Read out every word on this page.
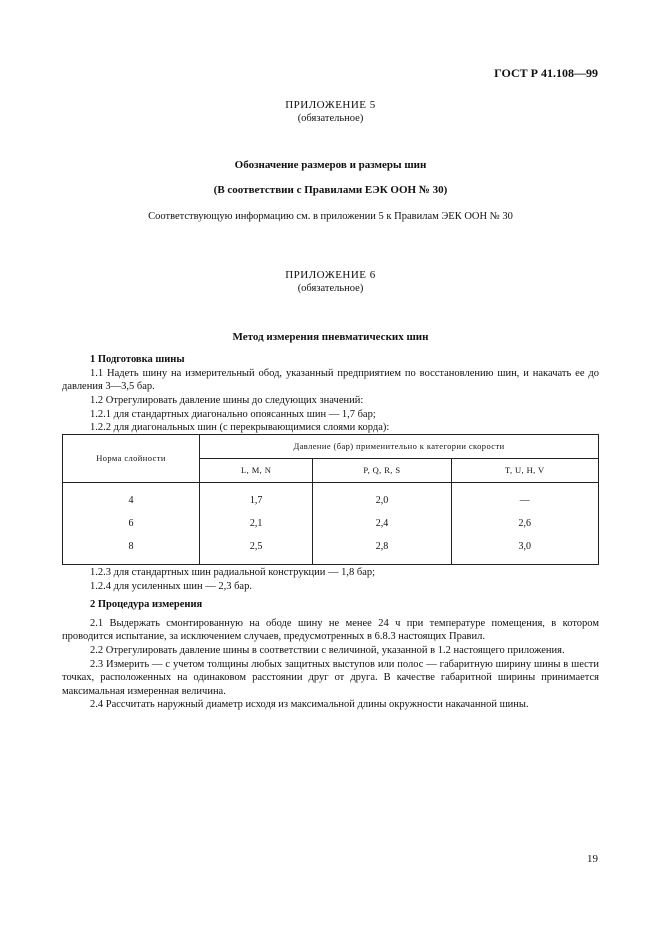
ГОСТ Р 41.108—99
ПРИЛОЖЕНИЕ 5
(обязательное)
Обозначение размеров и размеры шин
(В соответствии с Правилами ЕЭК ООН № 30)
Соответствующую информацию см. в приложении 5 к Правилам ЭЕК ООН № 30
ПРИЛОЖЕНИЕ 6
(обязательное)
Метод измерения пневматических шин

1 Подготовка шины

1.1 Надеть шину на измерительный обод, указанный предприятием по восстановлению шин, и накачать ее до давления 3—3,5 бар.

1.2 Отрегулировать давление шины до следующих значений:

1.2.1 для стандартных диагонально опоясанных шин — 1,7 бар;

1.2.2 для диагональных шин (с перекрывающимися слоями корда):

Норма слойности	Давление (бар) применительно к категории скорости		
	L, M, N	P, Q, R, S	T, U, H, V
4	1,7	2,0	—
6	2,1	2,4	2,6
8	2,5	2,8	3,0

1.2.3 для стандартных шин радиальной конструкции — 1,8 бар;

1.2.4 для усиленных шин — 2,3 бар.

2 Процедура измерения

2.1 Выдержать смонтированную на ободе шину не менее 24 ч при температуре помещения, в котором проводится испытание, за исключением случаев, предусмотренных в 6.8.3 настоящих Правил.

2.2 Отрегулировать давление шины в соответствии с величиной, указанной в 1.2 настоящего приложения.

2.3 Измерить — с учетом толщины любых защитных выступов или полос — габаритную ширину шины в шести точках, расположенных на одинаковом расстоянии друг от друга. В качестве габаритной ширины принимается максимальная измеренная величина.

2.4 Рассчитать наружный диаметр исходя из максимальной длины окружности накачанной шины.

19
